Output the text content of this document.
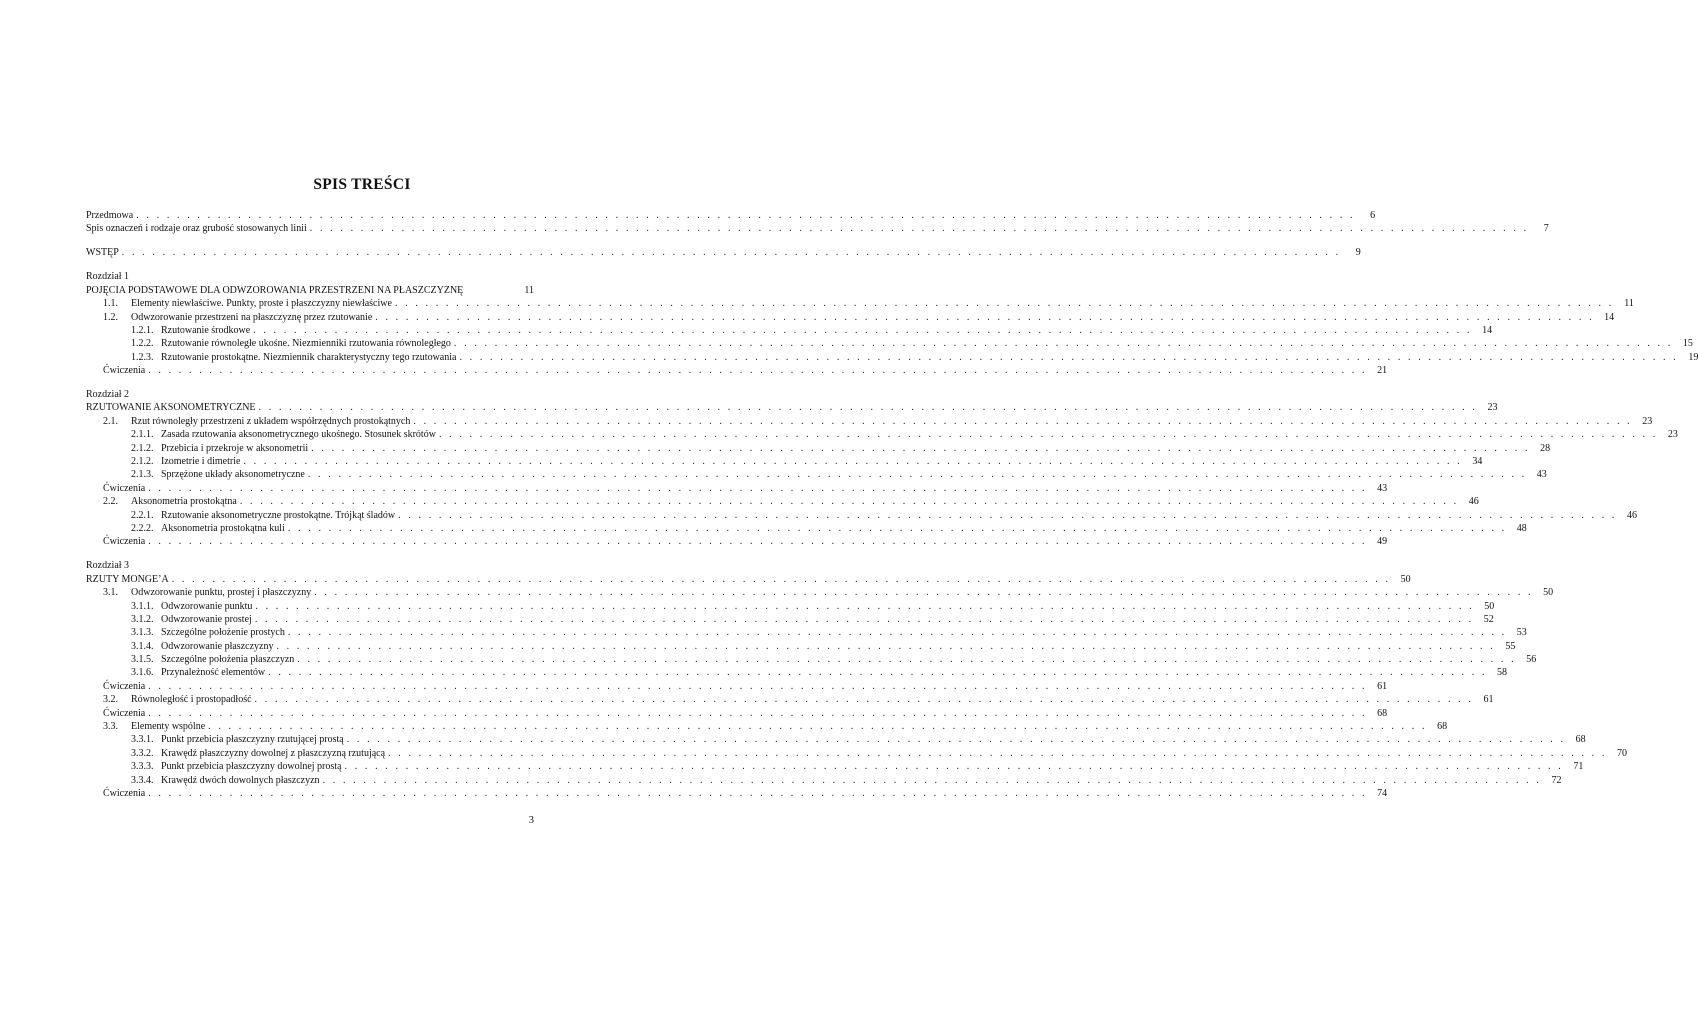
SPIS TREŚCI
Przedmowa . . . . . . . . . . . . . . . . . . . . . . . . . . . . . . . . . . . . . . . . . . . . . . . . . . . . . . . . . . . . . . . . . . . . . . . . . . . . . . . . . . . . . . . . . . . . . . . . . . . . . . . . . . . . . . . . . . . . . . . .	6
Spis oznaczeń i rodzaje oraz grubość stosowanych linii . . . . . . . . . . . . . . . . . . . . . . . . . . . . . . . . . . . . . . . . . . . . . . . . . . . . . . . . . . . . . . . . . . . . . . . . . . . . . . . . . . . . . . . . . . . . . . . . . . . . . . . . . . . . . . . . . . . . . . . .	7
WSTĘP . . . . . . . . . . . . . . . . . . . . . . . . . . . . . . . . . . . . . . . . . . . . . . . . . . . . . . . . . . . . . . . . . . . . . . . . . . . . . . . . . . . . . . . . . . . . . . . . . . . . . . . . . . . . . . . . . . . . . . . .	9
Rozdział 1
POJĘCIA PODSTAWOWE DLA ODWZOROWANIA PRZESTRZENI NA PŁASZCZYZNĘ	11
1.1.	Elementy niewłaściwe. Punkty, proste i płaszczyzny niewłaściwe . . . . . . . . . . . . . . . . . . . . . . . . . . . . . . . . . . . . . . . . . . . . . . . . . . . . . . . . . . . . . . . . . . . . . . . . . . . . . . . . . . . . . . . . . . . . . . . . . . . . . . . . . . . . . . . . . . . . . . . .	11
1.2.	Odwzorowanie przestrzeni na płaszczyznę przez rzutowanie . . . . . . . . . . . . . . . . . . . . . . . . . . . . . . . . . . . . . . . . . . . . . . . . . . . . . . . . . . . . . . . . . . . . . . . . . . . . . . . . . . . . . . . . . . . . . . . . . . . . . . . . . . . . . . . . . . . . . . . .	14
1.2.1. Rzutowanie środkowe . . . . . . . . . . . . . . . . . . . . . . . . . . . . . . . . . . . . . . . . . . . . . . . . . . . . . . . . . . . . . . . . . . . . . . . . . . . . . . . . . . . . . . . . . . . . . . . . . . . . . . . . . . . . . . . . . . . . . . . .	14
1.2.2. Rzutowanie równoległe ukośne. Niezmienniki rzutowania równoległego . . . . . . . . . . . . . . . . . . . . . . . . . . . . . . . . . . . . . . . . . . . . . . . . . . . . . . . . . . . . . . . . . . . . . . . . . . . . . . . . . . . . . . . . . . . . . . . . . . . . . . . . . . . . . . . . . . . . . . . .	15
1.2.3. Rzutowanie prostokątne. Niezmiennik charakterystyczny tego rzutowania . . . . . . . . . . . . . . . . . . . . . . . . . . . . . . . . . . . . . . . . . . . . . . . . . . . . . . . . . . . . . . . . . . . . . . . . . . . . . . . . . . . . . . . . . . . . . . . . . . . . . . . . . . . . . . . . . . . . . . . .	19
Ćwiczenia . . . . . . . . . . . . . . . . . . . . . . . . . . . . . . . . . . . . . . . . . . . . . . . . . . . . . . . . . . . . . . . . . . . . . . . . . . . . . . . . . . . . . . . . . . . . . . . . . . . . . . . . . . . . . . . . . . . . . . . .	21
Rozdział 2
RZUTOWANIE AKSONOMETRYCZNE . . . . . . . . . . . . . . . . . . . . . . . . . . . . . . . . . . . . . . . . . . . . . . . . . . . . . . . . . . . . . . . . . . . . . . . . . . . . . . . . . . . . . . . . . . . . . . . . . . . . . . . . . . . . . . . . . . . . . . . .	23
2.1.	Rzut równoległy przestrzeni z układem współrzędnych prostokątnych . . . . . . . . . . . . . . . . . . . . . . . . . . . . . . . . . . . . . . . . . . . . . . . . . . . . . . . . . . . . . . . . . . . . . . . . . . . . . . . . . . . . . . . . . . . . . . . . . . . . . . . . . . . . . . . . . . . . . . . .	23
2.1.1. Zasada rzutowania aksonometrycznego ukośnego. Stosunek skrótów . . . . . . . . . . . . . . . . . . . . . . . . . . . . . . . . . . . . . . . . . . . . . . . . . . . . . . . . . . . . . . . . . . . . . . . . . . . . . . . . . . . . . . . . . . . . . . . . . . . . . . . . . . . . . . . . . . . . . . . .	23
2.1.2. Przebicia i przekroje w aksonometrii . . . . . . . . . . . . . . . . . . . . . . . . . . . . . . . . . . . . . . . . . . . . . . . . . . . . . . . . . . . . . . . . . . . . . . . . . . . . . . . . . . . . . . . . . . . . . . . . . . . . . . . . . . . . . . . . . . . . . . . .	28
2.1.2. Izometrie i dimetrie . . . . . . . . . . . . . . . . . . . . . . . . . . . . . . . . . . . . . . . . . . . . . . . . . . . . . . . . . . . . . . . . . . . . . . . . . . . . . . . . . . . . . . . . . . . . . . . . . . . . . . . . . . . . . . . . . . . . . . . .	34
2.1.3. Sprzężone układy aksonometryczne . . . . . . . . . . . . . . . . . . . . . . . . . . . . . . . . . . . . . . . . . . . . . . . . . . . . . . . . . . . . . . . . . . . . . . . . . . . . . . . . . . . . . . . . . . . . . . . . . . . . . . . . . . . . . . . . . . . . . . . .	43
Ćwiczenia . . . . . . . . . . . . . . . . . . . . . . . . . . . . . . . . . . . . . . . . . . . . . . . . . . . . . . . . . . . . . . . . . . . . . . . . . . . . . . . . . . . . . . . . . . . . . . . . . . . . . . . . . . . . . . . . . . . . . . . .	43
2.2.	Aksonometria prostokątna . . . . . . . . . . . . . . . . . . . . . . . . . . . . . . . . . . . . . . . . . . . . . . . . . . . . . . . . . . . . . . . . . . . . . . . . . . . . . . . . . . . . . . . . . . . . . . . . . . . . . . . . . . . . . . . . . . . . . . . .	46
2.2.1. Rzutowanie aksonometryczne prostokątne. Trójkąt śladów . . . . . . . . . . . . . . . . . . . . . . . . . . . . . . . . . . . . . . . . . . . . . . . . . . . . . . . . . . . . . . . . . . . . . . . . . . . . . . . . . . . . . . . . . . . . . . . . . . . . . . . . . . . . . . . . . . . . . . . .	46
2.2.2. Aksonometria prostokątna kuli . . . . . . . . . . . . . . . . . . . . . . . . . . . . . . . . . . . . . . . . . . . . . . . . . . . . . . . . . . . . . . . . . . . . . . . . . . . . . . . . . . . . . . . . . . . . . . . . . . . . . . . . . . . . . . . . . . . . . . . .	48
Ćwiczenia . . . . . . . . . . . . . . . . . . . . . . . . . . . . . . . . . . . . . . . . . . . . . . . . . . . . . . . . . . . . . . . . . . . . . . . . . . . . . . . . . . . . . . . . . . . . . . . . . . . . . . . . . . . . . . . . . . . . . . . .	49
Rozdział 3
RZUTY MONGE’A . . . . . . . . . . . . . . . . . . . . . . . . . . . . . . . . . . . . . . . . . . . . . . . . . . . . . . . . . . . . . . . . . . . . . . . . . . . . . . . . . . . . . . . . . . . . . . . . . . . . . . . . . . . . . . . . . . . . . . . .	50
3.1.	Odwzorowanie punktu, prostej i płaszczyzny . . . . . . . . . . . . . . . . . . . . . . . . . . . . . . . . . . . . . . . . . . . . . . . . . . . . . . . . . . . . . . . . . . . . . . . . . . . . . . . . . . . . . . . . . . . . . . . . . . . . . . . . . . . . . . . . . . . . . . . .	50
3.1.1. Odwzorowanie punktu . . . . . . . . . . . . . . . . . . . . . . . . . . . . . . . . . . . . . . . . . . . . . . . . . . . . . . . . . . . . . . . . . . . . . . . . . . . . . . . . . . . . . . . . . . . . . . . . . . . . . . . . . . . . . . . . . . . . . . . .	50
3.1.2. Odwzorowanie prostej . . . . . . . . . . . . . . . . . . . . . . . . . . . . . . . . . . . . . . . . . . . . . . . . . . . . . . . . . . . . . . . . . . . . . . . . . . . . . . . . . . . . . . . . . . . . . . . . . . . . . . . . . . . . . . . . . . . . . . . .	52
3.1.3. Szczególne położenie prostych . . . . . . . . . . . . . . . . . . . . . . . . . . . . . . . . . . . . . . . . . . . . . . . . . . . . . . . . . . . . . . . . . . . . . . . . . . . . . . . . . . . . . . . . . . . . . . . . . . . . . . . . . . . . . . . . . . . . . . . .	53
3.1.4. Odwzorowanie płaszczyzny . . . . . . . . . . . . . . . . . . . . . . . . . . . . . . . . . . . . . . . . . . . . . . . . . . . . . . . . . . . . . . . . . . . . . . . . . . . . . . . . . . . . . . . . . . . . . . . . . . . . . . . . . . . . . . . . . . . . . . . .	55
3.1.5. Szczególne położenia płaszczyzn . . . . . . . . . . . . . . . . . . . . . . . . . . . . . . . . . . . . . . . . . . . . . . . . . . . . . . . . . . . . . . . . . . . . . . . . . . . . . . . . . . . . . . . . . . . . . . . . . . . . . . . . . . . . . . . . . . . . . . . .	56
3.1.6. Przynależność elementów . . . . . . . . . . . . . . . . . . . . . . . . . . . . . . . . . . . . . . . . . . . . . . . . . . . . . . . . . . . . . . . . . . . . . . . . . . . . . . . . . . . . . . . . . . . . . . . . . . . . . . . . . . . . . . . . . . . . . . . .	58
Ćwiczenia . . . . . . . . . . . . . . . . . . . . . . . . . . . . . . . . . . . . . . . . . . . . . . . . . . . . . . . . . . . . . . . . . . . . . . . . . . . . . . . . . . . . . . . . . . . . . . . . . . . . . . . . . . . . . . . . . . . . . . . .	61
3.2.	Równoległość i prostopadłość . . . . . . . . . . . . . . . . . . . . . . . . . . . . . . . . . . . . . . . . . . . . . . . . . . . . . . . . . . . . . . . . . . . . . . . . . . . . . . . . . . . . . . . . . . . . . . . . . . . . . . . . . . . . . . . . . . . . . . . .	61
Ćwiczenia . . . . . . . . . . . . . . . . . . . . . . . . . . . . . . . . . . . . . . . . . . . . . . . . . . . . . . . . . . . . . . . . . . . . . . . . . . . . . . . . . . . . . . . . . . . . . . . . . . . . . . . . . . . . . . . . . . . . . . . .	68
3.3.	Elementy wspólne . . . . . . . . . . . . . . . . . . . . . . . . . . . . . . . . . . . . . . . . . . . . . . . . . . . . . . . . . . . . . . . . . . . . . . . . . . . . . . . . . . . . . . . . . . . . . . . . . . . . . . . . . . . . . . . . . . . . . . . .	68
3.3.1. Punkt przebicia płaszczyzny rzutującej prostą . . . . . . . . . . . . . . . . . . . . . . . . . . . . . . . . . . . . . . . . . . . . . . . . . . . . . . . . . . . . . . . . . . . . . . . . . . . . . . . . . . . . . . . . . . . . . . . . . . . . . . . . . . . . . . . . . . . . . . . .	68
3.3.2. Krawędź płaszczyzny dowolnej z płaszczyzną rzutującą . . . . . . . . . . . . . . . . . . . . . . . . . . . . . . . . . . . . . . . . . . . . . . . . . . . . . . . . . . . . . . . . . . . . . . . . . . . . . . . . . . . . . . . . . . . . . . . . . . . . . . . . . . . . . . . . . . . . . . . .	70
3.3.3. Punkt przebicia płaszczyzny dowolnej prostą . . . . . . . . . . . . . . . . . . . . . . . . . . . . . . . . . . . . . . . . . . . . . . . . . . . . . . . . . . . . . . . . . . . . . . . . . . . . . . . . . . . . . . . . . . . . . . . . . . . . . . . . . . . . . . . . . . . . . . . .	71
3.3.4. Krawędź dwóch dowolnych płaszczyzn . . . . . . . . . . . . . . . . . . . . . . . . . . . . . . . . . . . . . . . . . . . . . . . . . . . . . . . . . . . . . . . . . . . . . . . . . . . . . . . . . . . . . . . . . . . . . . . . . . . . . . . . . . . . . . . . . . . . . . . .	72
Ćwiczenia . . . . . . . . . . . . . . . . . . . . . . . . . . . . . . . . . . . . . . . . . . . . . . . . . . . . . . . . . . . . . . . . . . . . . . . . . . . . . . . . . . . . . . . . . . . . . . . . . . . . . . . . . . . . . . . . . . . . . . . .	74
3
